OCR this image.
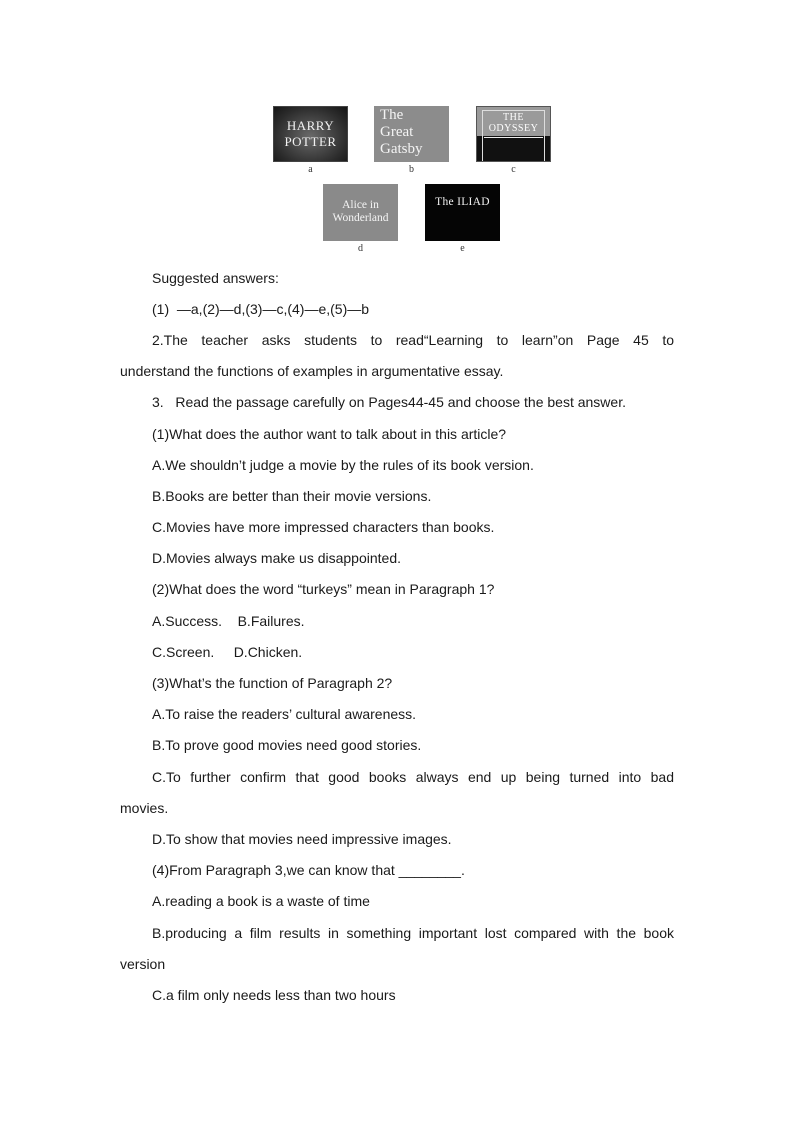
HARRY
POTTER
a
The
Great
Gatsby
b
THE
ODYSSEY
c
Alice in
Wonderland
d
The ILIAD
e
Suggested answers:
(1)  —a,(2)—d,(3)—c,(4)—e,(5)—b
2.The teacher asks students to read“Learning to learn”on Page 45 to
understand the functions of examples in argumentative essay.
3.   Read the passage carefully on Pages44-45 and choose the best answer.
(1)What does the author want to talk about in this article?
A.We shouldn’t judge a movie by the rules of its book version.
B.Books are better than their movie versions.
C.Movies have more impressed characters than books.
D.Movies always make us disappointed.
(2)What does the word “turkeys” mean in Paragraph 1?
A.Success.    B.Failures.
C.Screen.     D.Chicken.
(3)What’s the function of Paragraph 2?
A.To raise the readers’ cultural awareness.
B.To prove good movies need good stories.
C.To further confirm that good books always end up being turned into bad
movies.
D.To show that movies need impressive images.
(4)From Paragraph 3,we can know that ________.
A.reading a book is a waste of time
B.producing a film results in something important lost compared with the book
version
C.a film only needs less than two hours
